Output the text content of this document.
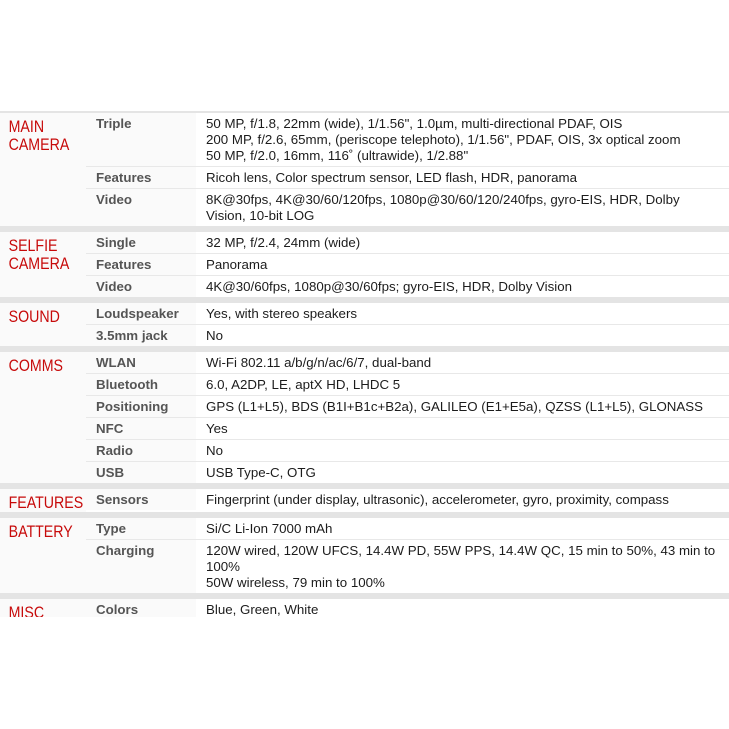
MAIN CAMERA
Triple	50 MP, f/1.8, 22mm (wide), 1/1.56", 1.0µm, multi-directional PDAF, OIS
200 MP, f/2.6, 65mm, (periscope telephoto), 1/1.56", PDAF, OIS, 3x optical zoom
50 MP, f/2.0, 16mm, 116˚ (ultrawide), 1/2.88"
Features	Ricoh lens, Color spectrum sensor, LED flash, HDR, panorama
Video	8K@30fps, 4K@30/60/120fps, 1080p@30/60/120/240fps, gyro-EIS, HDR, Dolby Vision, 10-bit LOG
SELFIE CAMERA
Single	32 MP, f/2.4, 24mm (wide)
Features	Panorama
Video	4K@30/60fps, 1080p@30/60fps; gyro-EIS, HDR, Dolby Vision
SOUND	Loudspeaker	Yes, with stereo speakers
3.5mm jack	No
COMMS	WLAN	Wi-Fi 802.11 a/b/g/n/ac/6/7, dual-band
Bluetooth	6.0, A2DP, LE, aptX HD, LHDC 5
Positioning	GPS (L1+L5), BDS (B1I+B1c+B2a), GALILEO (E1+E5a), QZSS (L1+L5), GLONASS
NFC	Yes
Radio	No
USB	USB Type-C, OTG
FEATURES Sensors	Fingerprint (under display, ultrasonic), accelerometer, gyro, proximity, compass
BATTERY	Type	Si/C Li-Ion 7000 mAh
Charging	120W wired, 120W UFCS, 14.4W PD, 55W PPS, 14.4W QC, 15 min to 50%, 43 min to 100%
50W wireless, 79 min to 100%
MISC	Colors	Blue, Green, White
